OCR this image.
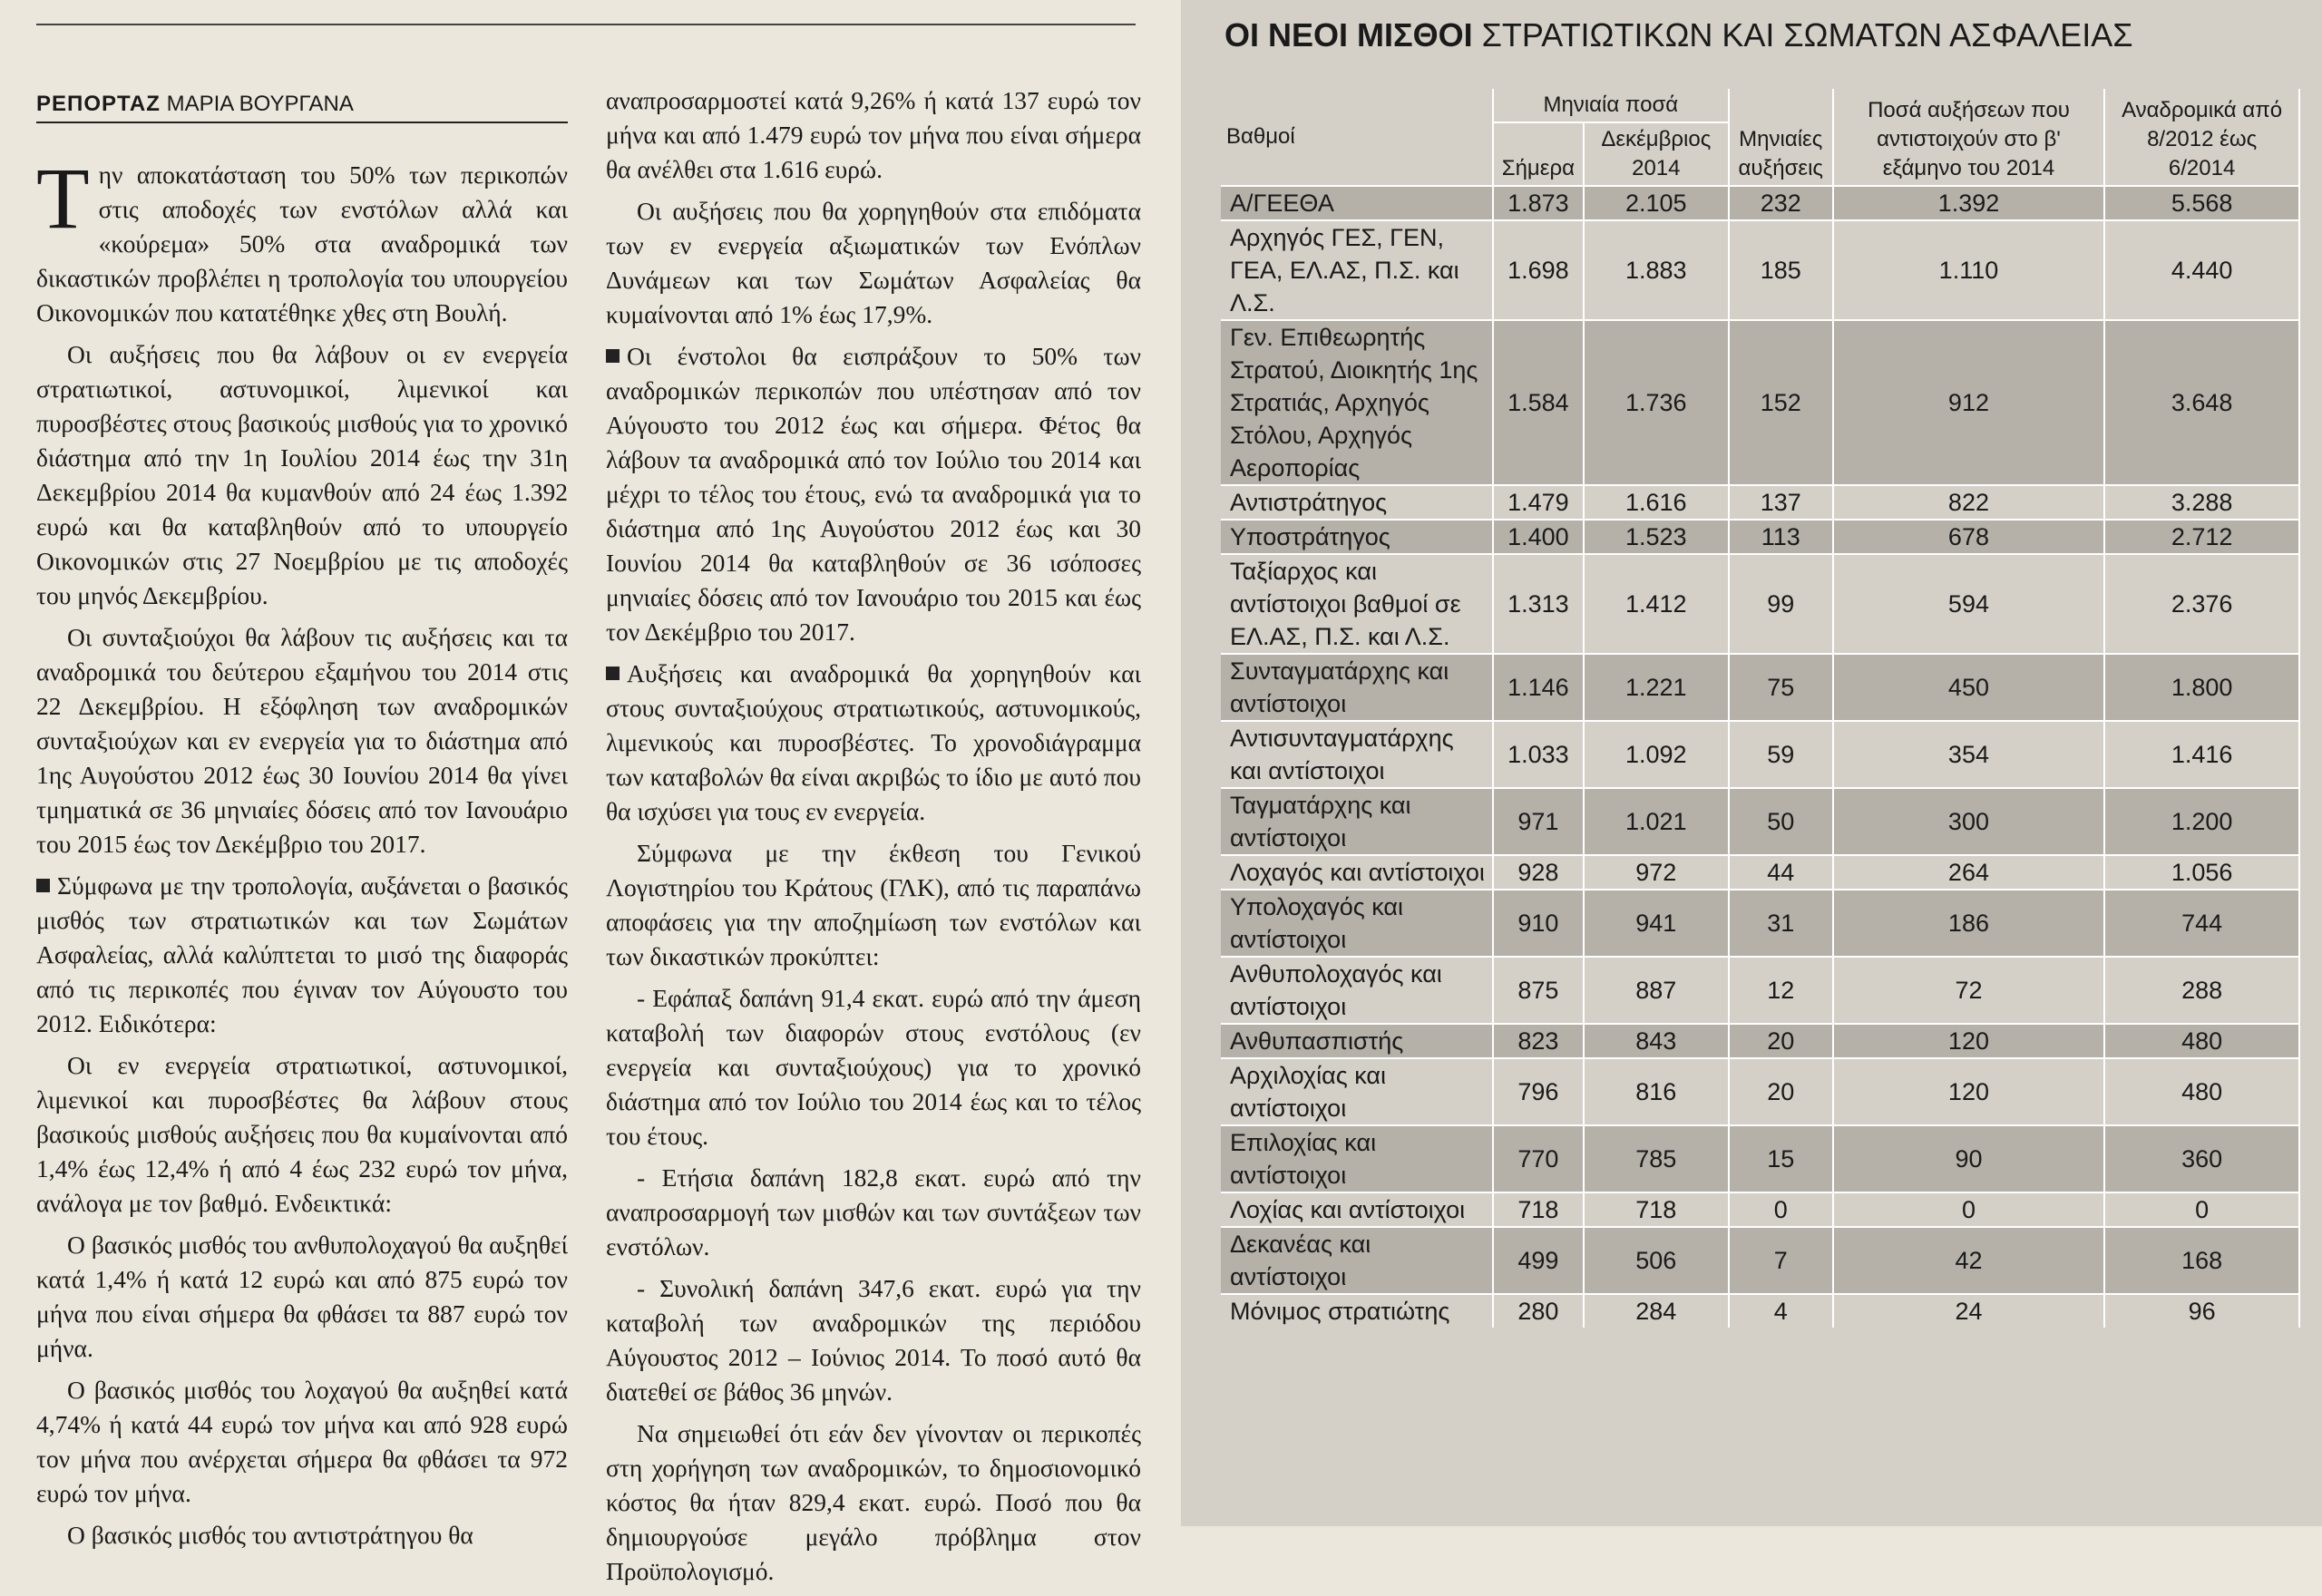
ΡΕΠΟΡΤΑΖ ΜΑΡΙΑ ΒΟΥΡΓΑΝΑ

Την αποκατάσταση του 50% των περικοπών στις αποδοχές των ενστόλων αλλά και «κούρεμα» 50% στα αναδρομικά των δικαστικών προβλέπει η τροπολογία του υπουργείου Οικονομικών που κατατέθηκε χθες στη Βουλή.

Οι αυξήσεις που θα λάβουν οι εν ενεργεία στρατιωτικοί, αστυνομικοί, λιμενικοί και πυροσβέστες στους βασικούς μισθούς για το χρονικό διάστημα από την 1η Ιουλίου 2014 έως την 31η Δεκεμβρίου 2014 θα κυμανθούν από 24 έως 1.392 ευρώ και θα καταβληθούν από το υπουργείο Οικονομικών στις 27 Νοεμβρίου με τις αποδοχές του μηνός Δεκεμβρίου.

Οι συνταξιούχοι θα λάβουν τις αυξήσεις και τα αναδρομικά του δεύτερου εξαμήνου του 2014 στις 22 Δεκεμβρίου. Η εξόφληση των αναδρομικών συνταξιούχων και εν ενεργεία για το διάστημα από 1ης Αυγούστου 2012 έως 30 Ιουνίου 2014 θα γίνει τμηματικά σε 36 μηνιαίες δόσεις από τον Ιανουάριο του 2015 έως τον Δεκέμβριο του 2017.

Σύμφωνα με την τροπολογία, αυξάνεται ο βασικός μισθός των στρατιωτικών και των Σωμάτων Ασφαλείας, αλλά καλύπτεται το μισό της διαφοράς από τις περικοπές που έγιναν τον Αύγουστο του 2012. Ειδικότερα:

Οι εν ενεργεία στρατιωτικοί, αστυνομικοί, λιμενικοί και πυροσβέστες θα λάβουν στους βασικούς μισθούς αυξήσεις που θα κυμαίνονται από 1,4% έως 12,4% ή από 4 έως 232 ευρώ τον μήνα, ανάλογα με τον βαθμό. Ενδεικτικά:

Ο βασικός μισθός του ανθυπολοχαγού θα αυξηθεί κατά 1,4% ή κατά 12 ευρώ και από 875 ευρώ τον μήνα που είναι σήμερα θα φθάσει τα 887 ευρώ τον μήνα.

Ο βασικός μισθός του λοχαγού θα αυξηθεί κατά 4,74% ή κατά 44 ευρώ τον μήνα και από 928 ευρώ τον μήνα που ανέρχεται σήμερα θα φθάσει τα 972 ευρώ τον μήνα.

Ο βασικός μισθός του αντιστράτηγου θα

αναπροσαρμοστεί κατά 9,26% ή κατά 137 ευρώ τον μήνα και από 1.479 ευρώ τον μήνα που είναι σήμερα θα ανέλθει στα 1.616 ευρώ.

Οι αυξήσεις που θα χορηγηθούν στα επιδόματα των εν ενεργεία αξιωματικών των Ενόπλων Δυνάμεων και των Σωμάτων Ασφαλείας θα κυμαίνονται από 1% έως 17,9%.

Οι ένστολοι θα εισπράξουν το 50% των αναδρομικών περικοπών που υπέστησαν από τον Αύγουστο του 2012 έως και σήμερα. Φέτος θα λάβουν τα αναδρομικά από τον Ιούλιο του 2014 και μέχρι το τέλος του έτους, ενώ τα αναδρομικά για το διάστημα από 1ης Αυγούστου 2012 έως και 30 Ιουνίου 2014 θα καταβληθούν σε 36 ισόποσες μηνιαίες δόσεις από τον Ιανουάριο του 2015 και έως τον Δεκέμβριο του 2017.

Αυξήσεις και αναδρομικά θα χορηγηθούν και στους συνταξιούχους στρατιωτικούς, αστυνομικούς, λιμενικούς και πυροσβέστες. Το χρονοδιάγραμμα των καταβολών θα είναι ακριβώς το ίδιο με αυτό που θα ισχύσει για τους εν ενεργεία.

Σύμφωνα με την έκθεση του Γενικού Λογιστηρίου του Κράτους (ΓΛΚ), από τις παραπάνω αποφάσεις για την αποζημίωση των ενστόλων και των δικαστικών προκύπτει:

- Εφάπαξ δαπάνη 91,4 εκατ. ευρώ από την άμεση καταβολή των διαφορών στους ενστόλους (εν ενεργεία και συνταξιούχους) για το χρονικό διάστημα από τον Ιούλιο του 2014 έως και το τέλος του έτους.

- Ετήσια δαπάνη 182,8 εκατ. ευρώ από την αναπροσαρμογή των μισθών και των συντάξεων των ενστόλων.

- Συνολική δαπάνη 347,6 εκατ. ευρώ για την καταβολή των αναδρομικών της περιόδου Αύγουστος 2012 – Ιούνιος 2014. Το ποσό αυτό θα διατεθεί σε βάθος 36 μηνών.

Να σημειωθεί ότι εάν δεν γίνονταν οι περικοπές στη χορήγηση των αναδρομικών, το δημοσιονομικό κόστος θα ήταν 829,4 εκατ. ευρώ. Ποσό που θα δημιουργούσε μεγάλο πρόβλημα στον Προϋπολογισμό.

ΟΙ ΝΕΟΙ ΜΙΣΘΟΙ ΣΤΡΑΤΙΩΤΙΚΩΝ ΚΑΙ ΣΩΜΑΤΩΝ ΑΣΦΑΛΕΙΑΣ
Βαθμοί	Μηνιαία ποσά		Μηνιαίες αυξήσεις	Ποσά αυξήσεων που αντιστοιχούν στο β' εξάμηνο του 2014	Αναδρομικά από 8/2012 έως 6/2014
	Σήμερα	Δεκέμβριος 2014			
Α/ΓΕΕΘΑ	1.873	2.105	232	1.392	5.568
Αρχηγός ΓΕΣ, ΓΕΝ, ΓΕΑ, ΕΛ.ΑΣ, Π.Σ. και Λ.Σ.	1.698	1.883	185	1.110	4.440
Γεν. Επιθεωρητής Στρατού, Διοικητής 1ης Στρατιάς, Αρχηγός Στόλου, Αρχηγός Αεροπορίας	1.584	1.736	152	912	3.648
Αντιστράτηγος	1.479	1.616	137	822	3.288
Υποστράτηγος	1.400	1.523	113	678	2.712
Ταξίαρχος και αντίστοιχοι βαθμοί σε ΕΛ.ΑΣ, Π.Σ. και Λ.Σ.	1.313	1.412	99	594	2.376
Συνταγματάρχης και αντίστοιχοι	1.146	1.221	75	450	1.800
Αντισυνταγματάρχης και αντίστοιχοι	1.033	1.092	59	354	1.416
Ταγματάρχης και αντίστοιχοι	971	1.021	50	300	1.200
Λοχαγός και αντίστοιχοι	928	972	44	264	1.056
Υπολοχαγός και αντίστοιχοι	910	941	31	186	744
Ανθυπολοχαγός και αντίστοιχοι	875	887	12	72	288
Ανθυπασπιστής	823	843	20	120	480
Αρχιλοχίας και αντίστοιχοι	796	816	20	120	480
Επιλοχίας και αντίστοιχοι	770	785	15	90	360
Λοχίας και αντίστοιχοι	718	718	0	0	0
Δεκανέας και αντίστοιχοι	499	506	7	42	168
Μόνιμος στρατιώτης	280	284	4	24	96
